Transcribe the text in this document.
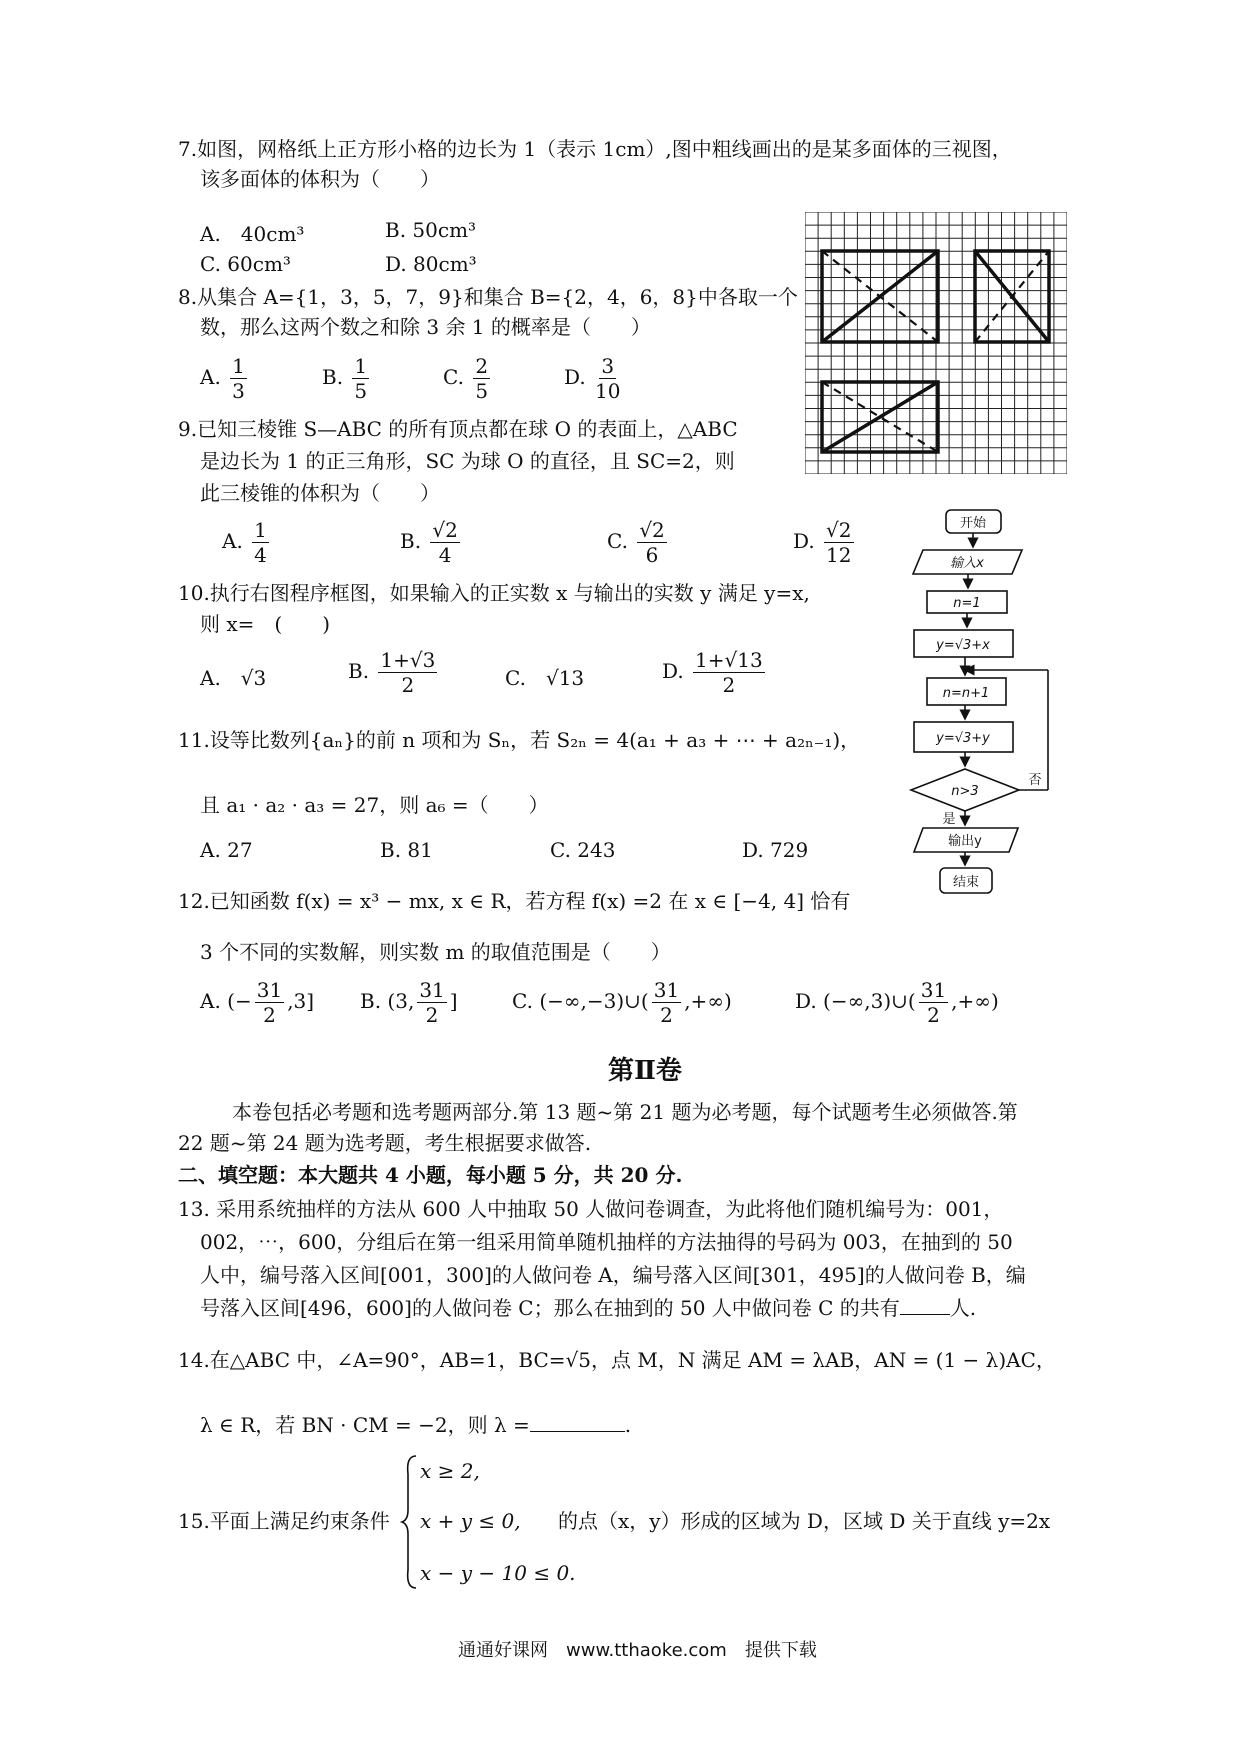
7.如图，网格纸上正方形小格的边长为 1（表示 1cm）,图中粗线画出的是某多面体的三视图，
该多面体的体积为（　　）
A.　40cm³	B. 50cm³
C. 60cm³	D. 80cm³
8.从集合 A={1，3，5，7，9}和集合 B={2，4，6，8}中各取一个
数，那么这两个数之和除 3 余 1 的概率是（　　）
A. $\frac{1}{3}$	B. $\frac{1}{5}$	C. $\frac{2}{5}$	D. $\frac{3}{10}$
9.已知三棱锥 S—ABC 的所有顶点都在球 O 的表面上，△ABC
是边长为 1 的正三角形，SC 为球 O 的直径，且 SC=2，则
此三棱锥的体积为（　　）
A. $\frac{1}{4}$	B. $\frac{√2}{4}$	C. $\frac{√2}{6}$	D. $\frac{√2}{12}$	开始
输入x
n=1
y=√3+x
n=n+1
y=√3+y
n>3
否
是
输出y
结束
10.执行右图程序框图，如果输入的正实数 x 与输出的实数 y 满足 y=x,
则 x=　(　　)
A.　√3	B. $\frac{1+√3}{2}$	C.　√13	D. $\frac{1+√13}{2}$
11.设等比数列{aₙ}的前 n 项和为 Sₙ，若 S₂ₙ = 4(a₁ + a₃ + ⋯ + a₂ₙ₋₁)，
且 a₁ · a₂ · a₃ = 27，则 a₆ =（　　）
A. 27	B. 81	C. 243	D. 729
12.已知函数 f(x) = x³ − mx, x ∈ R，若方程 f(x) =2 在 x ∈ [−4, 4] 恰有
3 个不同的实数解，则实数 m 的取值范围是（　　）
A. (− $\frac{31}{2} ,3$] B. (3, $\frac{31}{2}$ ]	C. (−∞,−3)∪( $\frac{31}{2}$ ,+∞)	D. (−∞,3)∪( $\frac{31}{2}$ ,+∞)
第Ⅱ卷
本卷包括必考题和选考题两部分.第 13 题~第 21 题为必考题，每个试题考生必须做答.第
22 题~第 24 题为选考题，考生根据要求做答.
二、填空题：本大题共 4 小题，每小题 5 分，共 20 分.
13. 采用系统抽样的方法从 600 人中抽取 50 人做问卷调查，为此将他们随机编号为：001，
002，⋯，600，分组后在第一组采用简单随机抽样的方法抽得的号码为 003，在抽到的 50
人中，编号落入区间[001，300]的人做问卷 A，编号落入区间[301，495]的人做问卷 B，编
号落入区间[496，600]的人做问卷 C；那么在抽到的 50 人中做问卷 C 的共有	人.
14.在△ABC 中，∠A=90°，AB=1，BC=√5，点 M，N 满足 AM = λAB，AN = (1 − λ)AC，
λ ∈ R，若 BN · CM = −2，则 λ =	.
15.平面上满足约束条件
x ≥ 2,
x + y ≤ 0,
x − y − 10 ≤ 0.
的点（x，y）形成的区域为 D，区域 D 关于直线 y=2x
通通好课网　www.tthaoke.com　提供下载
